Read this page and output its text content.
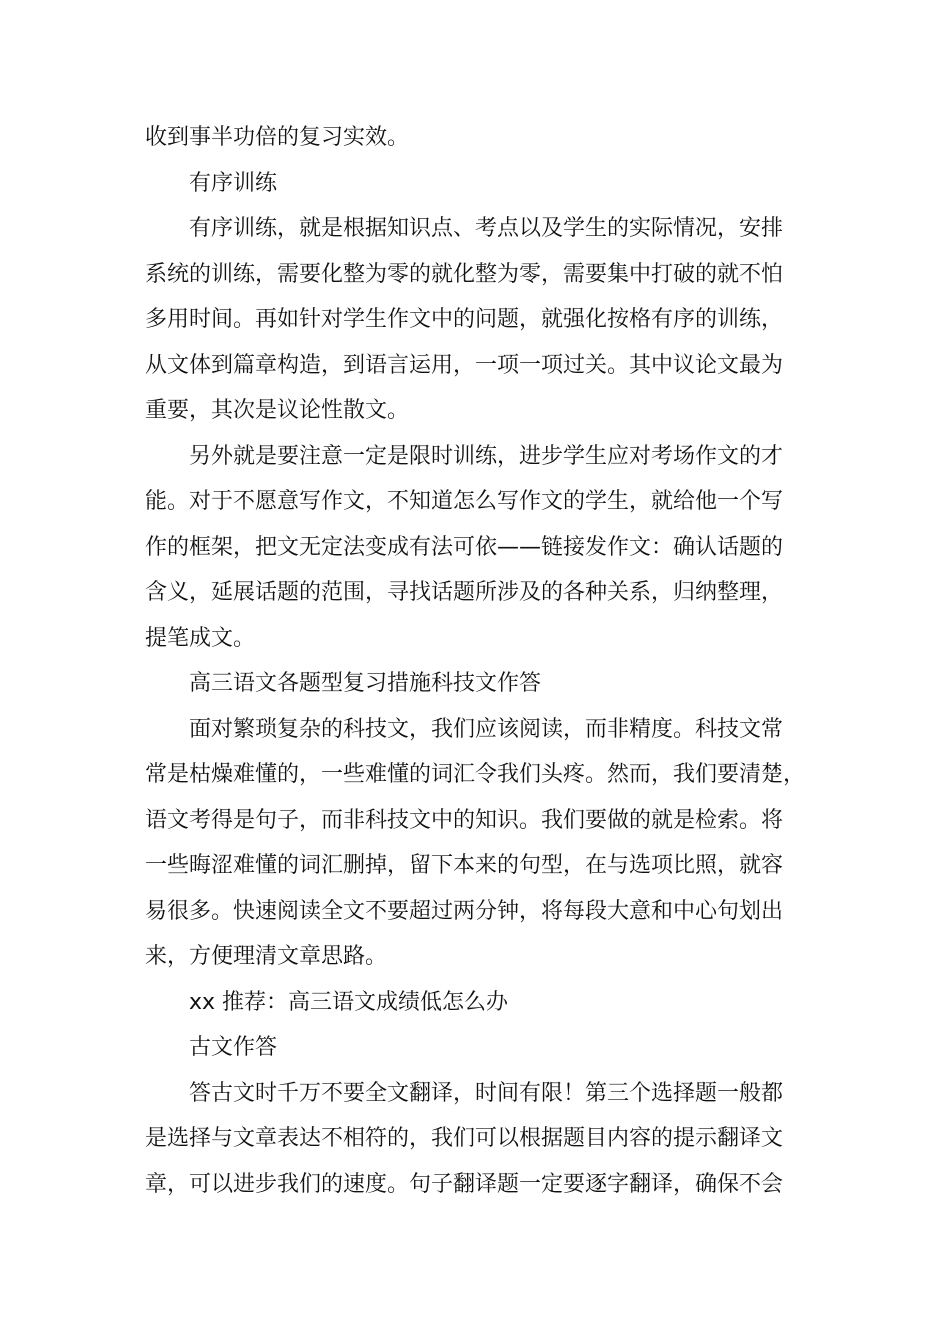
收到事半功倍的复习实效。
有序训练
有序训练，就是根据知识点、考点以及学生的实际情况，安排
系统的训练，需要化整为零的就化整为零，需要集中打破的就不怕
多用时间。再如针对学生作文中的问题，就强化按格有序的训练，
从文体到篇章构造，到语言运用，一项一项过关。其中议论文最为
重要，其次是议论性散文。
另外就是要注意一定是限时训练，进步学生应对考场作文的才
能。对于不愿意写作文，不知道怎么写作文的学生，就给他一个写
作的框架，把文无定法变成有法可依——链接发作文：确认话题的
含义，延展话题的范围，寻找话题所涉及的各种关系，归纳整理，
提笔成文。
高三语文各题型复习措施科技文作答
面对繁琐复杂的科技文，我们应该阅读，而非精度。科技文常
常是枯燥难懂的，一些难懂的词汇令我们头疼。然而，我们要清楚，
语文考得是句子，而非科技文中的知识。我们要做的就是检索。将
一些晦涩难懂的词汇删掉，留下本来的句型，在与选项比照，就容
易很多。快速阅读全文不要超过两分钟，将每段大意和中心句划出
来，方便理清文章思路。
xx 推荐：高三语文成绩低怎么办
古文作答
答古文时千万不要全文翻译，时间有限！第三个选择题一般都
是选择与文章表达不相符的，我们可以根据题目内容的提示翻译文
章，可以进步我们的速度。句子翻译题一定要逐字翻译，确保不会
